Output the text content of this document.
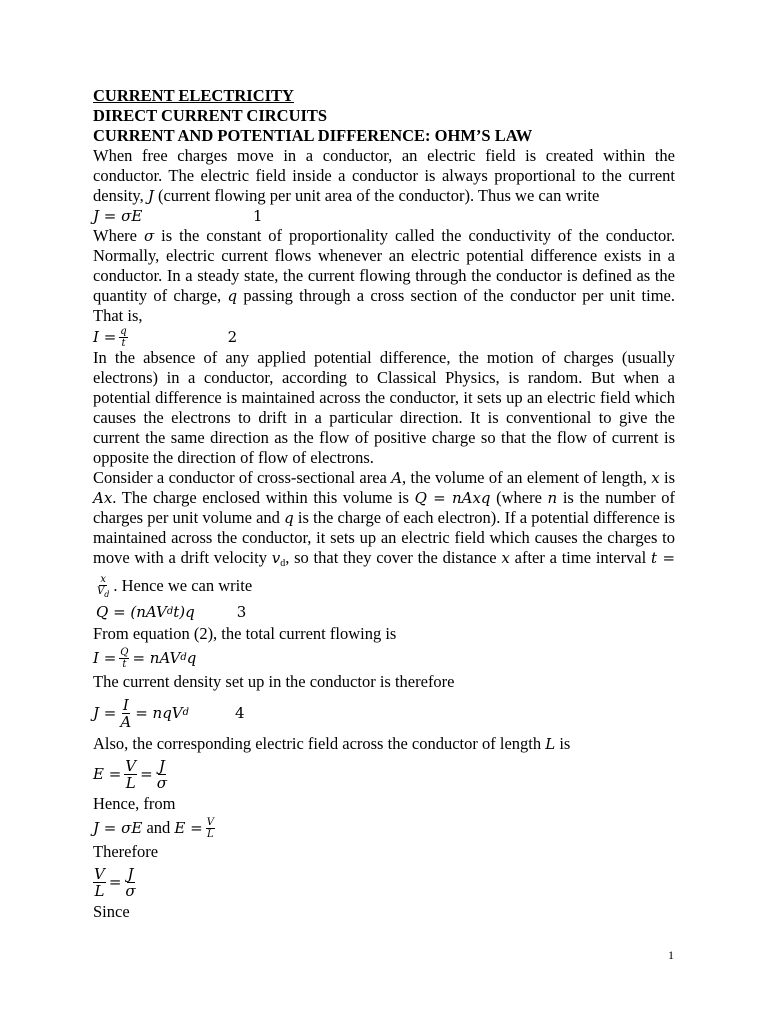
CURRENT ELECTRICITY
DIRECT CURRENT CIRCUITS
CURRENT AND POTENTIAL DIFFERENCE: OHM’S LAW
When free charges move in a conductor, an electric field is created within the conductor. The electric field inside a conductor is always proportional to the current density, J (current flowing per unit area of the conductor). Thus we can write
J = σE	1
Where σ is the constant of proportionality called the conductivity of the conductor. Normally, electric current flows whenever an electric potential difference exists in a conductor. In a steady state, the current flowing through the conductor is defined as the quantity of charge, q passing through a cross section of the conductor per unit time. That is,
$I = \frac{q}{t}$	2
In the absence of any applied potential difference, the motion of charges (usually electrons) in a conductor, according to Classical Physics, is random. But when a potential difference is maintained across the conductor, it sets up an electric field which causes the electrons to drift in a particular direction. It is conventional to give the current the same direction as the flow of positive charge so that the flow of current is opposite the direction of flow of electrons.
Consider a conductor of cross-sectional area A, the volume of an element of length, x is Ax. The charge enclosed within this volume is Q = nAxq (where n is the number of charges per unit volume and q is the charge of each electron). If a potential difference is maintained across the conductor, it sets up an electric field which causes the charges to move with a drift velocity $v_d$, so that they cover the distance x after a time interval t =
$\frac{x}{V_d}$ . Hence we can write
Q = (nAV d t)q	3
From equation (2), the total current flowing is
$I = \frac{Q}{t}$ = nAV d q
The current density set up in the conductor is therefore
$J = \frac{I}{A}$ = nqV d	4
Also, the corresponding electric field across the conductor of length L is
$E = \frac{V}{L} = \frac{J}{\sigma}$
Hence, from
J = σE and $E = \frac{V}{L}$
Therefore
$\frac{V}{L} = \frac{J}{\sigma}$
Since
1
